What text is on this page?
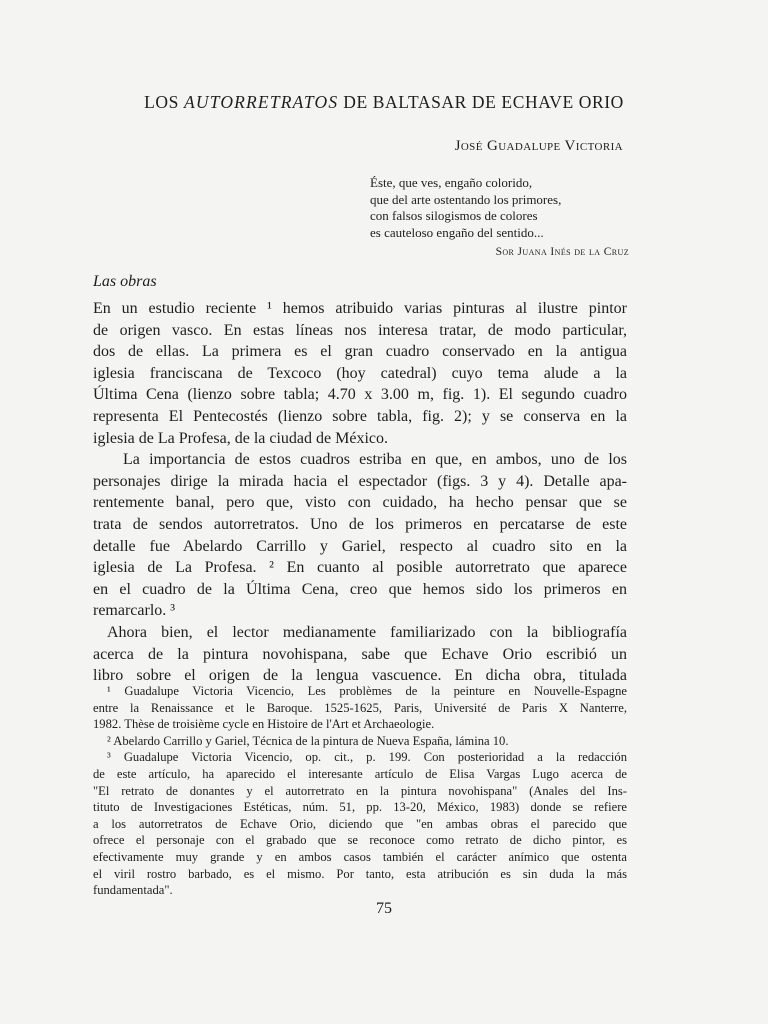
LOS AUTORRETRATOS DE BALTASAR DE ECHAVE ORIO
José Guadalupe Victoria
Éste, que ves, engaño colorido,
que del arte ostentando los primores,
con falsos silogismos de colores
es cauteloso engaño del sentido...
Sor Juana Inés de la Cruz
Las obras
En un estudio reciente ¹ hemos atribuido varias pinturas al ilustre pintor
de origen vasco. En estas líneas nos interesa tratar, de modo particular,
dos de ellas. La primera es el gran cuadro conservado en la antigua
iglesia franciscana de Texcoco (hoy catedral) cuyo tema alude a la
Última Cena (lienzo sobre tabla; 4.70 x 3.00 m, fig. 1). El segundo cuadro
representa El Pentecostés (lienzo sobre tabla, fig. 2); y se conserva en la
iglesia de La Profesa, de la ciudad de México.
La importancia de estos cuadros estriba en que, en ambos, uno de los
personajes dirige la mirada hacia el espectador (figs. 3 y 4). Detalle apa-
rentemente banal, pero que, visto con cuidado, ha hecho pensar que se
trata de sendos autorretratos. Uno de los primeros en percatarse de este
detalle fue Abelardo Carrillo y Gariel, respecto al cuadro sito en la
iglesia de La Profesa. ² En cuanto al posible autorretrato que aparece
en el cuadro de la Última Cena, creo que hemos sido los primeros en
remarcarlo. ³
Ahora bien, el lector medianamente familiarizado con la bibliografía
acerca de la pintura novohispana, sabe que Echave Orio escribió un
libro sobre el origen de la lengua vascuence. En dicha obra, titulada
¹ Guadalupe Victoria Vicencio, Les problèmes de la peinture en Nouvelle-Espagne
entre la Renaissance et le Baroque. 1525-1625, Paris, Université de Paris X Nanterre,
1982. Thèse de troisième cycle en Histoire de l'Art et Archaeologie.
² Abelardo Carrillo y Gariel, Técnica de la pintura de Nueva España, lámina 10.
³ Guadalupe Victoria Vicencio, op. cit., p. 199. Con posterioridad a la redacción
de este artículo, ha aparecido el interesante artículo de Elisa Vargas Lugo acerca de
"El retrato de donantes y el autorretrato en la pintura novohispana" (Anales del Ins-
tituto de Investigaciones Estéticas, núm. 51, pp. 13-20, México, 1983) donde se refiere
a los autorretratos de Echave Orio, diciendo que "en ambas obras el parecido que
ofrece el personaje con el grabado que se reconoce como retrato de dicho pintor, es
efectivamente muy grande y en ambos casos también el carácter anímico que ostenta
el viril rostro barbado, es el mismo. Por tanto, esta atribución es sin duda la más
fundamentada".
75
